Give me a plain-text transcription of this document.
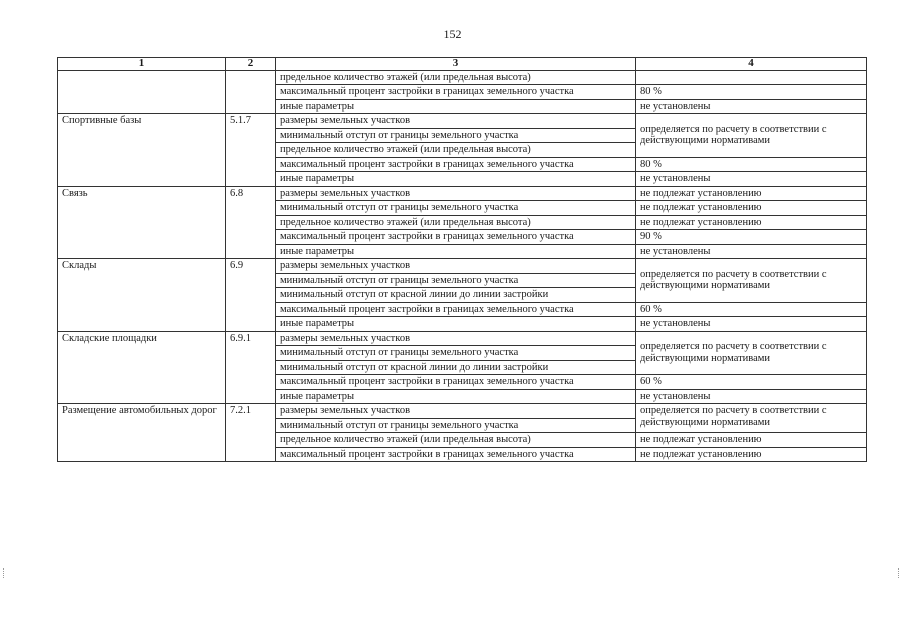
152
1	2	3	4
		предельное количество этажей (или предельная высота)	
		максимальный процент застройки в границах земельного участка	80 %
		иные параметры	не установлены
Спортивные базы	5.1.7	размеры земельных участков	определяется по расчету в соответствии с действующими нормативами
		минимальный отступ от границы земельного участка	
		предельное количество этажей (или предельная высота)	
		максимальный процент застройки в границах земельного участка	80 %
		иные параметры	не установлены
Связь	6.8	размеры земельных участков	не подлежат установлению
		минимальный отступ от границы земельного участка	не подлежат установлению
		предельное количество этажей (или предельная высота)	не подлежат установлению
		максимальный процент застройки в границах земельного участка	90 %
		иные параметры	не установлены
Склады	6.9	размеры земельных участков	определяется по расчету в соответствии с действующими нормативами
		минимальный отступ от границы земельного участка	
		минимальный отступ от красной линии до линии застройки	
		максимальный процент застройки в границах земельного участка	60 %
		иные параметры	не установлены
Складские площадки	6.9.1	размеры земельных участков	определяется по расчету в соответствии с действующими нормативами
		минимальный отступ от границы земельного участка	
		минимальный отступ от красной линии до линии застройки	
		максимальный процент застройки в границах земельного участка	60 %
		иные параметры	не установлены
Размещение автомобильных дорог	7.2.1	размеры земельных участков	определяется по расчету в соответствии с действующими нормативами
		минимальный отступ от границы земельного участка	
		предельное количество этажей (или предельная высота)	не подлежат установлению
		максимальный процент застройки в границах земельного участка	не подлежат установлению
